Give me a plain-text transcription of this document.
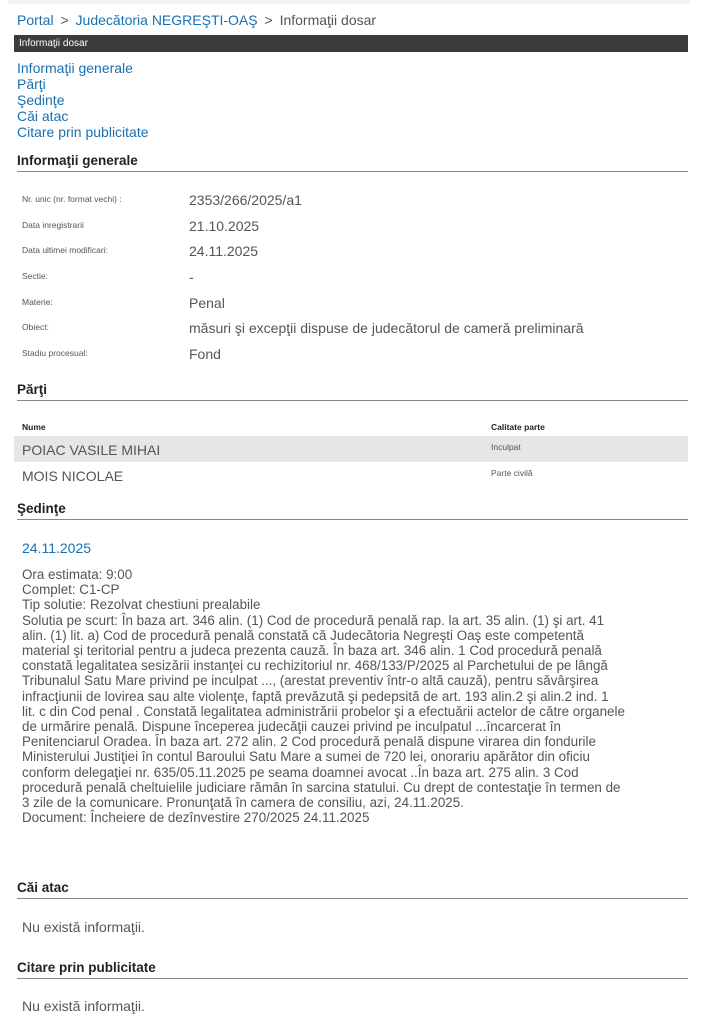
Portal > Judecătoria NEGREŞTI-OAŞ > Informaţii dosar
Informaţii dosar
Informaţii generale
Părţi
Şedinţe
Căi atac
Citare prin publicitate
Informaţii generale
Nr. unic (nr. format vechi) :	2353/266/2025/a1
Data inregistrarii	21.10.2025
Data ultimei modificari:	24.11.2025
Sectie:	-
Materie:	Penal
Obiect:	măsuri şi excepţii dispuse de judecătorul de cameră preliminară
Stadiu procesual:	Fond
Părţi
Nume	Calitate parte
POIAC VASILE MIHAI	Inculpat
MOIS NICOLAE	Parte civilă
Şedinţe
24.11.2025
Ora estimata: 9:00
Complet: C1-CP
Tip solutie: Rezolvat chestiuni prealabile
Solutia pe scurt: În baza art. 346 alin. (1) Cod de procedură penală rap. la art. 35 alin. (1) şi art. 41
alin. (1) lit. a) Cod de procedură penală constată că Judecătoria Negreşti Oaş este competentă
material şi teritorial pentru a judeca prezenta cauză. În baza art. 346 alin. 1 Cod procedură penală
constată legalitatea sesizării instanţei cu rechizitoriul nr. 468/133/P/2025 al Parchetului de pe lângă
Tribunalul Satu Mare privind pe inculpat ..., (arestat preventiv într-o altă cauză), pentru săvârşirea
infracţiunii de lovirea sau alte violenţe, faptă prevăzută şi pedepsită de art. 193 alin.2 şi alin.2 ind. 1
lit. c din Cod penal . Constată legalitatea administrării probelor şi a efectuării actelor de către organele
de urmărire penală. Dispune începerea judecăţii cauzei privind pe inculpatul ...încarcerat în
Penitenciarul Oradea. În baza art. 272 alin. 2 Cod procedură penală dispune virarea din fondurile
Ministerului Justiţiei în contul Baroului Satu Mare a sumei de 720 lei, onorariu apărător din oficiu
conform delegaţiei nr. 635/05.11.2025 pe seama doamnei avocat ..În baza art. 275 alin. 3 Cod
procedură penală cheltuielile judiciare rămân în sarcina statului. Cu drept de contestaţie în termen de
3 zile de la comunicare. Pronunţată în camera de consiliu, azi, 24.11.2025.
Document: Încheiere de dezînvestire 270/2025 24.11.2025
Căi atac
Nu există informaţii.
Citare prin publicitate
Nu există informaţii.
